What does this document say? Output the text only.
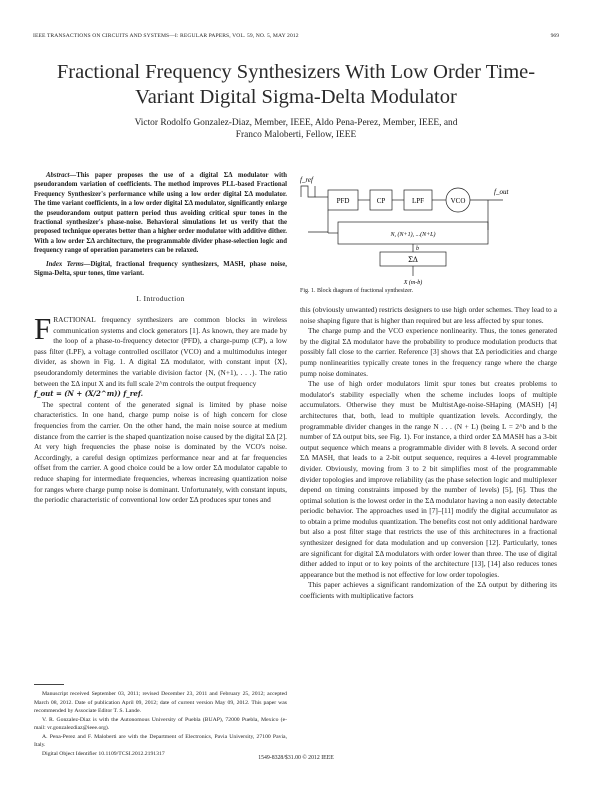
IEEE TRANSACTIONS ON CIRCUITS AND SYSTEMS—I: REGULAR PAPERS, VOL. 59, NO. 5, MAY 2012	969
Fractional Frequency Synthesizers With Low Order Time-Variant Digital Sigma-Delta Modulator
Victor Rodolfo Gonzalez-Diaz, Member, IEEE, Aldo Pena-Perez, Member, IEEE, and
Franco Maloberti, Fellow, IEEE

Abstract—This paper proposes the use of a digital ΣΔ modulator with pseudorandom variation of coefficients. The method improves PLL-based Fractional Frequency Synthesizer's performance while using a low order digital ΣΔ modulator. The time variant coefficients, in a low order digital ΣΔ modulator, significantly enlarge the pseudorandom output pattern period thus avoiding critical spur tones in the fractional synthesizer's phase-noise. Behavioral simulations let us verify that the proposed technique operates better than a higher order modulator with additive dither. With a low order ΣΔ architecture, the programmable divider phase-selection logic and frequency range of operation parameters can be relaxed.

Index Terms—Digital, fractional frequency synthesizers, MASH, phase noise, Sigma-Delta, spur tones, time variant.

I. Introduction

FRACTIONAL frequency synthesizers are common blocks in wireless communication systems and clock generators [1]. As known, they are made by the loop of a phase-to-frequency detector (PFD), a charge-pump (CP), a low pass filter (LPF), a voltage controlled oscillator (VCO) and a multimodulus integer divider, as shown in Fig. 1. A digital ΣΔ modulator, with constant input ⟨X⟩, pseudorandomly determines the variable division factor {N, (N+1), . . .}. The ratio between the ΣΔ input X and its full scale 2^m controls the output frequency

f_out = (N + (X/2^m)) f_ref.

The spectral content of the generated signal is limited by phase noise characteristics. In one hand, charge pump noise is of high concern for close frequencies from the carrier. On the other hand, the main noise source at medium distance from the carrier is the shaped quantization noise caused by the digital ΣΔ [2]. At very high frequencies the phase noise is dominated by the VCO's noise. Accordingly, a careful design optimizes performance near and at far frequencies offset from the carrier. A good choice could be a low order ΣΔ modulator capable to reduce shaping for intermediate frequencies, whereas increasing quantization noise for ranges where charge pump noise is dominant. Unfortunately, with constant inputs, the periodic characteristic of conventional low order ΣΔ produces spur tones and

f_ref
f_out
PFD	CP	LPF	VCO
N, (N+1), ...(N+L)
ΣΔ
b
X (m-b)
Fig. 1. Block diagram of fractional synthesizer.

this (obviously unwanted) restricts designers to use high order schemes. They lead to a noise shaping figure that is higher than required but are less affected by spur tones.

The charge pump and the VCO experience nonlinearity. Thus, the tones generated by the digital ΣΔ modulator have the probability to produce modulation products that possibly fall close to the carrier. Reference [3] shows that ΣΔ periodicities and charge pump nonlinearities typically create tones in the frequency range where the charge pump noise dominates.

The use of high order modulators limit spur tones but creates problems to modulator's stability especially when the scheme includes loops of multiple accumulators. Otherwise they must be MultistAge-noise-SHaping (MASH) [4] architectures that, both, lead to multiple quantization levels. Accordingly, the programmable divider changes in the range N . . . (N + L) (being L = 2^b and b the number of ΣΔ output bits, see Fig. 1). For instance, a third order ΣΔ MASH has a 3-bit output sequence which means a programmable divider with 8 levels. A second order ΣΔ MASH, that leads to a 2-bit output sequence, requires a 4-level programmable divider. Obviously, moving from 3 to 2 bit simplifies most of the programmable divider topologies and improve reliability (as the phase selection logic and multiplexer depend on timing constraints imposed by the number of levels) [5], [6]. Thus the optimal solution is the lowest order in the ΣΔ modulator having a non easily detectable periodic behavior. The approaches used in [7]–[11] modify the digital accumulator as to obtain a prime modulus quantization. The benefits cost not only additional hardware but also a post filter stage that restricts the use of this architectures in a fractional synthesizer designed for data modulation and up conversion [12]. Particularly, tones are significant for digital ΣΔ modulators with order lower than three. The use of digital dither added to input or to key points of the architecture [13], [14] also reduces tones appearance but the method is not effective for low order topologies.

This paper achieves a significant randomization of the ΣΔ output by dithering its coefficients with multiplicative factors

Manuscript received September 03, 2011; revised December 23, 2011 and February 25, 2012; accepted March 08, 2012. Date of publication April 09, 2012; date of current version May 09, 2012. This paper was recommended by Associate Editor T. S. Lande.

V. R. Gonzalez-Diaz is with the Autonomous University of Puebla (BUAP), 72000 Puebla, Mexico (e-mail: vr.gonzalezdiaz@ieee.org).

A. Pena-Perez and F. Maloberti are with the Department of Electronics, Pavia University, 27100 Pavia, Italy.

Digital Object Identifier 10.1109/TCSI.2012.2191317

1549-8328/$31.00 © 2012 IEEE
